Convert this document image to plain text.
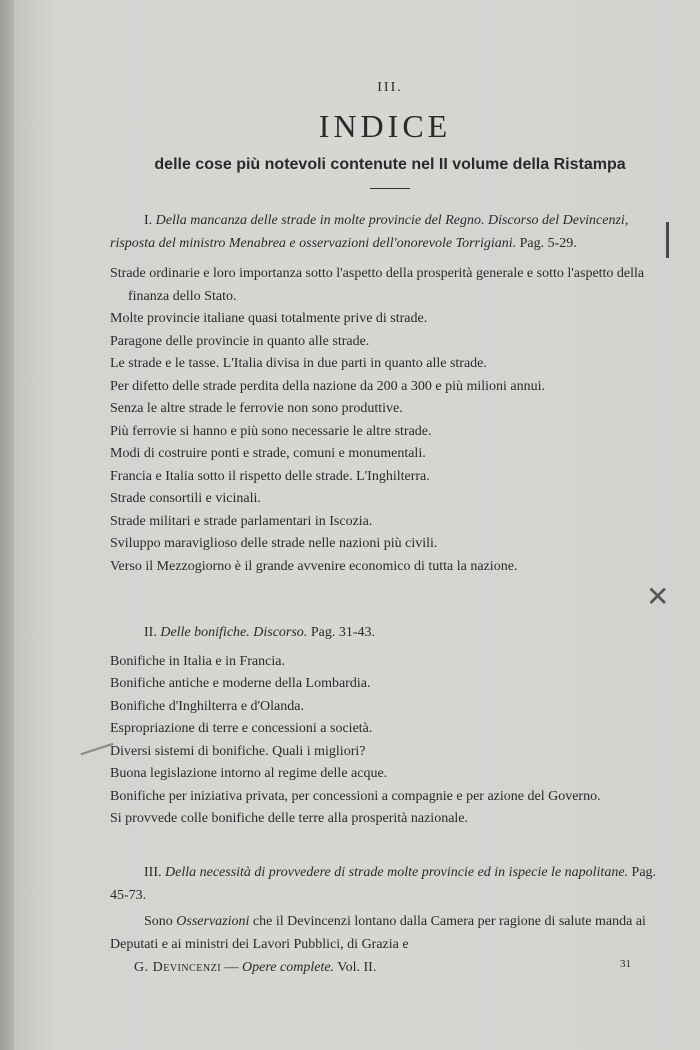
III.
INDICE
delle cose più notevoli contenute nel II volume della Ristampa
I. Della mancanza delle strade in molte provincie del Regno. Discorso del Devincenzi, risposta del ministro Menabrea e osservazioni dell'onorevole Torrigiani. Pag. 5-29.
Strade ordinarie e loro importanza sotto l'aspetto della prosperità generale e sotto l'aspetto della finanza dello Stato.
Molte provincie italiane quasi totalmente prive di strade.
Paragone delle provincie in quanto alle strade.
Le strade e le tasse. L'Italia divisa in due parti in quanto alle strade.
Per difetto delle strade perdita della nazione da 200 a 300 e più milioni annui.
Senza le altre strade le ferrovie non sono produttive.
Più ferrovie si hanno e più sono necessarie le altre strade.
Modi di costruire ponti e strade, comuni e monumentali.
Francia e Italia sotto il rispetto delle strade. L'Inghilterra.
Strade consortili e vicinali.
Strade militari e strade parlamentari in Iscozia.
Sviluppo maraviglioso delle strade nelle nazioni più civili.
Verso il Mezzogiorno è il grande avvenire economico di tutta la nazione.
II. Delle bonifiche. Discorso. Pag. 31-43.
Bonifiche in Italia e in Francia.
Bonifiche antiche e moderne della Lombardia.
Bonifiche d'Inghilterra e d'Olanda.
Espropriazione di terre e concessioni a società.
Diversi sistemi di bonifiche. Quali i migliori?
Buona legislazione intorno al regime delle acque.
Bonifiche per iniziativa privata, per concessioni a compagnie e per azione del Governo.
Si provvede colle bonifiche delle terre alla prosperità nazionale.
III. Della necessità di provvedere di strade molte provincie ed in ispecie le napolitane. Pag. 45-73.
Sono Osservazioni che il Devincenzi lontano dalla Camera per ragione di salute manda ai Deputati e ai ministri dei Lavori Pubblici, di Grazia e
G. Devincenzi — Opere complete. Vol. II.	31
✕
